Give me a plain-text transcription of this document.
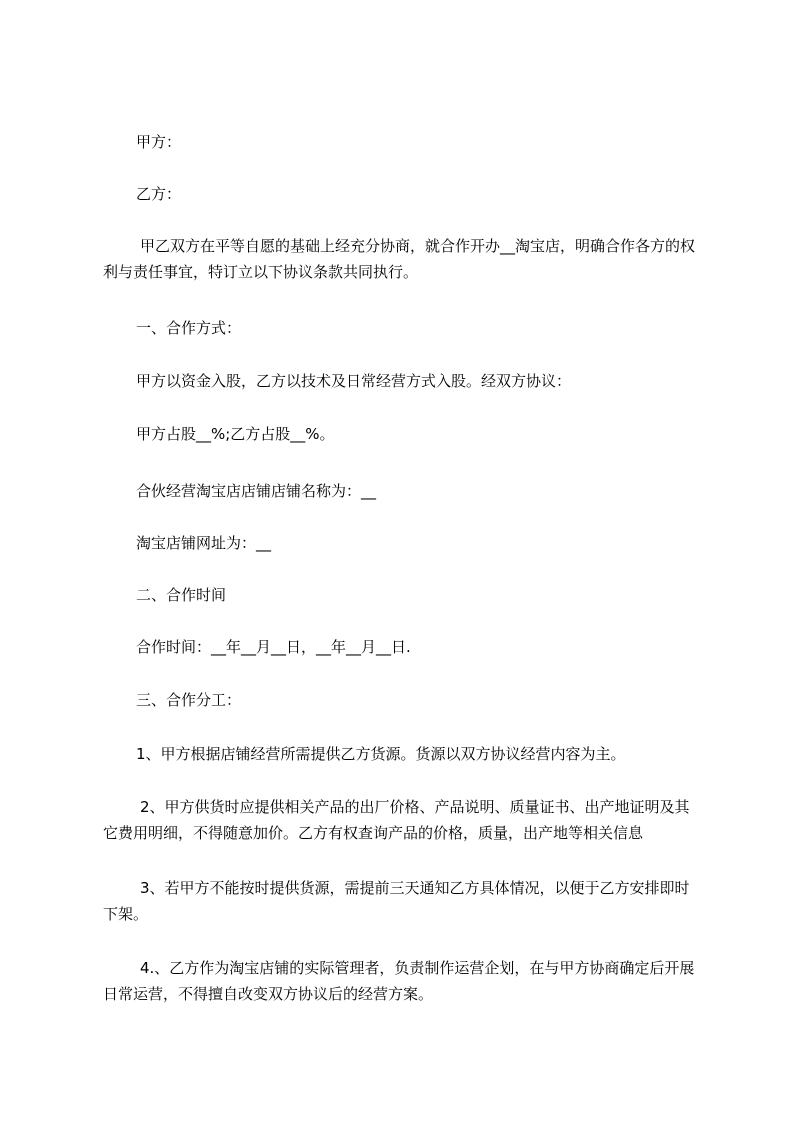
甲方：
乙方：
甲乙双方在平等自愿的基础上经充分协商，就合作开办__淘宝店，明确合作各方的权利与责任事宜，特订立以下协议条款共同执行。
一、合作方式：
甲方以资金入股，乙方以技术及日常经营方式入股。经双方协议：
甲方占股__%;乙方占股__%。
合伙经营淘宝店店铺店铺名称为：__
淘宝店铺网址为：__
二、合作时间
合作时间：__年__月__日，__年__月__日.
三、合作分工：
1、甲方根据店铺经营所需提供乙方货源。货源以双方协议经营内容为主。
2、甲方供货时应提供相关产品的出厂价格、产品说明、质量证书、出产地证明及其它费用明细，不得随意加价。乙方有权查询产品的价格，质量，出产地等相关信息
3、若甲方不能按时提供货源，需提前三天通知乙方具体情况，以便于乙方安排即时下架。
4.、乙方作为淘宝店铺的实际管理者，负责制作运营企划，在与甲方协商确定后开展日常运营，不得擅自改变双方协议后的经营方案。
